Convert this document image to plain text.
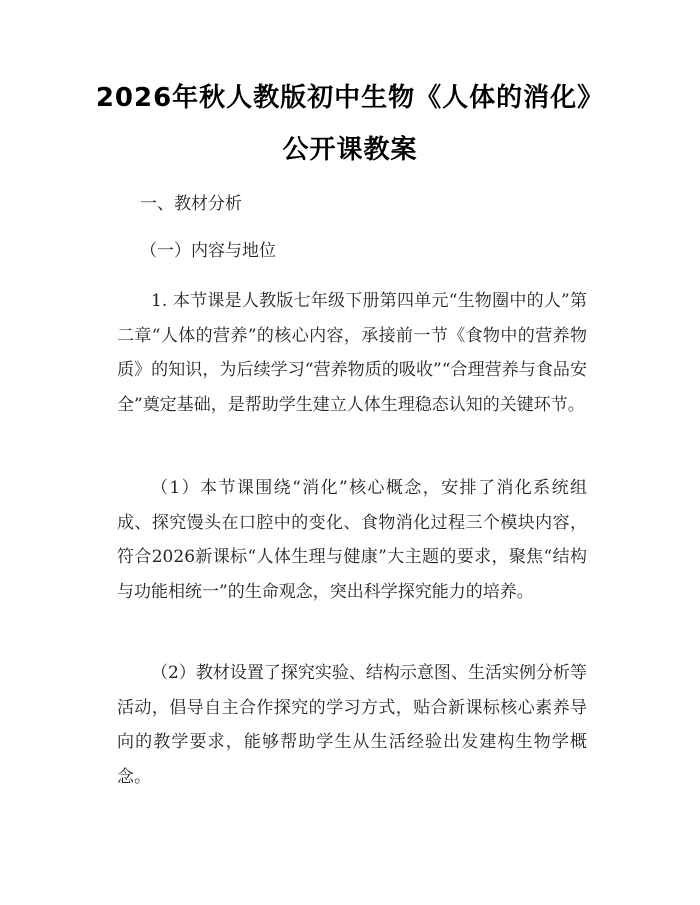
2026年秋人教版初中生物《人体的消化》公开课教案
一、教材分析
（一）内容与地位
1. 本节课是人教版七年级下册第四单元“生物圈中的人”第二章“人体的营养”的核心内容，承接前一节《食物中的营养物质》的知识，为后续学习“营养物质的吸收”“合理营养与食品安全”奠定基础，是帮助学生建立人体生理稳态认知的关键环节。
（1）本节课围绕“消化”核心概念，安排了消化系统组成、探究馒头在口腔中的变化、食物消化过程三个模块内容，符合2026新课标“人体生理与健康”大主题的要求，聚焦“结构与功能相统一”的生命观念，突出科学探究能力的培养。
（2）教材设置了探究实验、结构示意图、生活实例分析等活动，倡导自主合作探究的学习方式，贴合新课标核心素养导向的教学要求，能够帮助学生从生活经验出发建构生物学概念。
